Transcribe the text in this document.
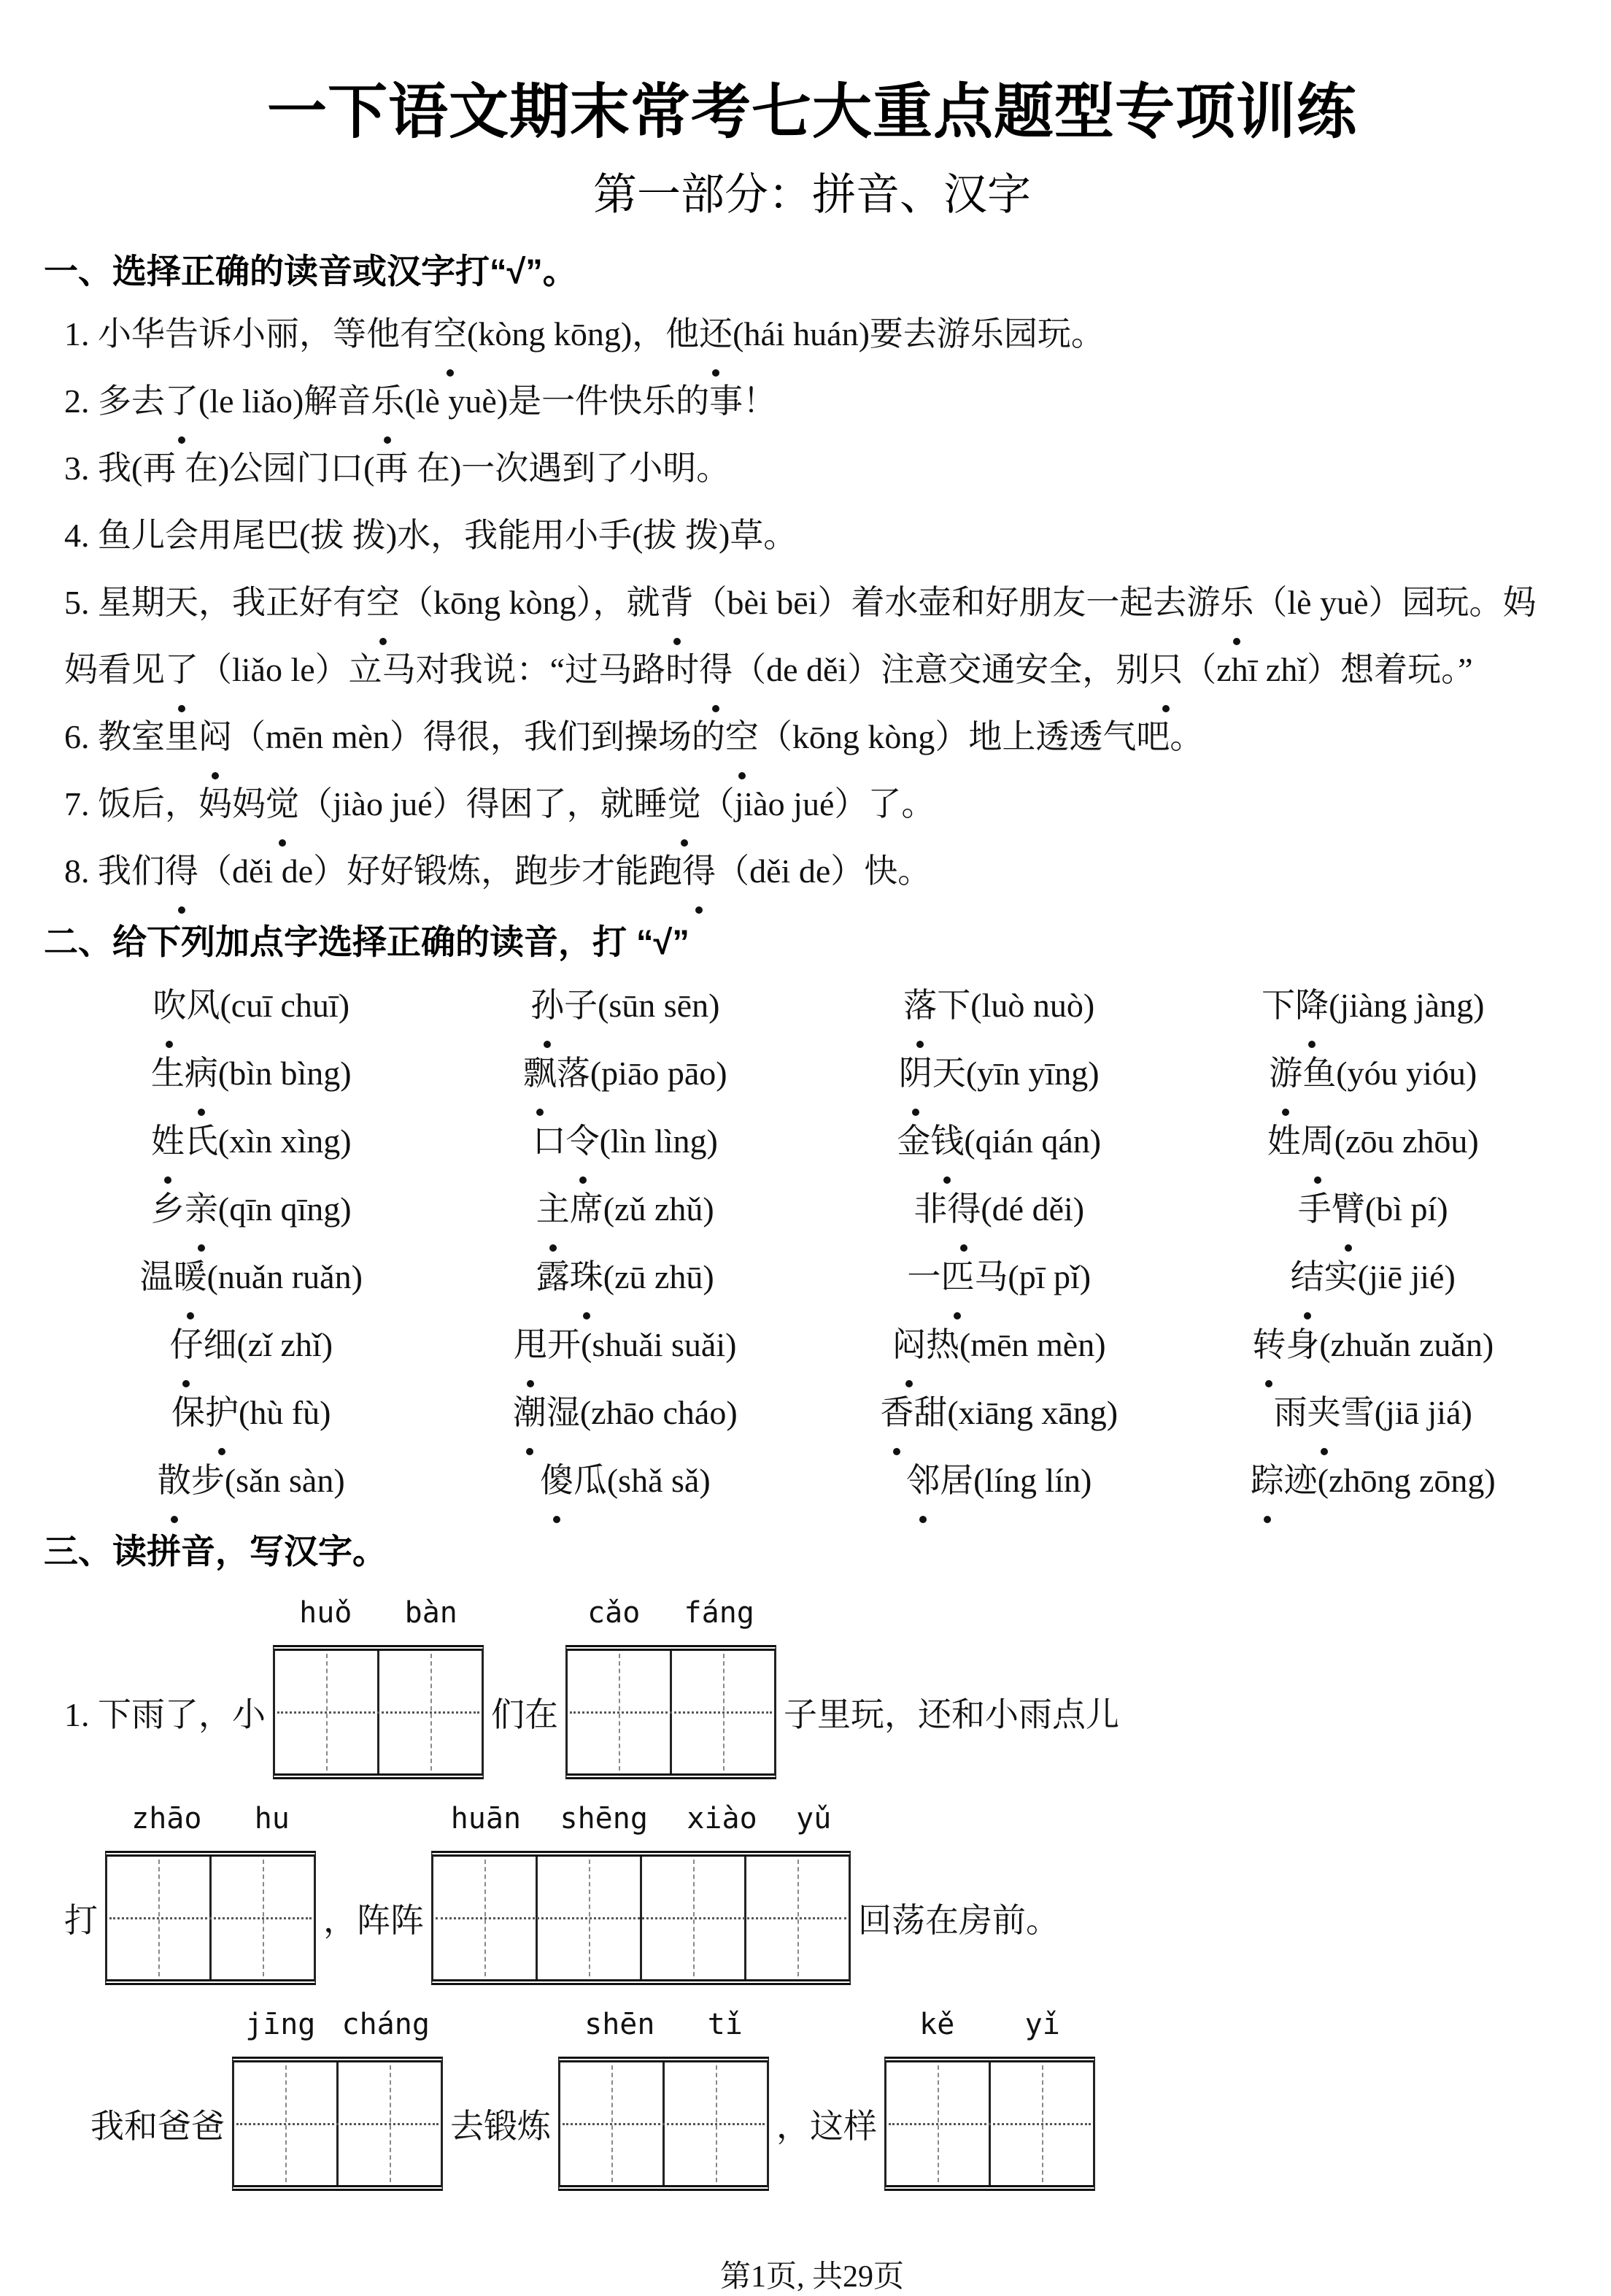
一下语文期末常考七大重点题型专项训练
第一部分：拼音、汉字
一、选择正确的读音或汉字打“√”。

1. 小华告诉小丽，等他有空(kòng kōng)，他还(hái huán)要去游乐园玩。

2. 多去了(le liǎo)解音乐(lè yuè)是一件快乐的事！

3. 我(再 在)公园门口(再 在)一次遇到了小明。

4. 鱼儿会用尾巴(拔 拨)水，我能用小手(拔 拨)草。

5. 星期天，我正好有空（kōng kòng），就背（bèi bēi）着水壶和好朋友一起去游乐（lè yuè）园玩。妈妈看见了（liǎo le）立马对我说：“过马路时得（de děi）注意交通安全，别只（zhī zhǐ）想着玩。”

6. 教室里闷（mēn mèn）得很，我们到操场的空（kōng kòng）地上透透气吧。

7. 饭后，妈妈觉（jiào jué）得困了，就睡觉（jiào jué）了。

8. 我们得（děi de）好好锻炼，跑步才能跑得（děi de）快。

二、给下列加点字选择正确的读音，打 “√”
吹风(cuī chuī)	孙子(sūn sēn)	落下(luò nuò)	下降(jiàng jàng)
生病(bìn bìng)	飘落(piāo pāo)	阴天(yīn yīng)	游鱼(yóu yióu)
姓氏(xìn xìng)	口令(lìn lìng)	金钱(qián qán)	姓周(zōu zhōu)
乡亲(qīn qīng)	主席(zǔ zhǔ)	非得(dé děi)	手臂(bì pí)
温暖(nuǎn ruǎn)	露珠(zū zhū)	一匹马(pī pǐ)	结实(jiē jié)
仔细(zǐ zhǐ)	甩开(shuǎi suǎi)	闷热(mēn mèn)	转身(zhuǎn zuǎn)
保护(hù fù)	潮湿(zhāo cháo)	香甜(xiāng xāng)	雨夹雪(jiā jiá)
散步(sǎn sàn)	傻瓜(shǎ sǎ)	邻居(líng lín)	踪迹(zhōng zōng)
三、读拼音，写汉字。
1. 下雨了，小
huǒ bàn
们在
cǎo fáng
子里玩，还和小雨点儿
打
zhāo hu
，阵阵
huān shēng xiào yǔ
回荡在房前。
我和爸爸
jīng cháng
去锻炼
shēn tǐ
，这样
kě yǐ
第1页, 共29页
